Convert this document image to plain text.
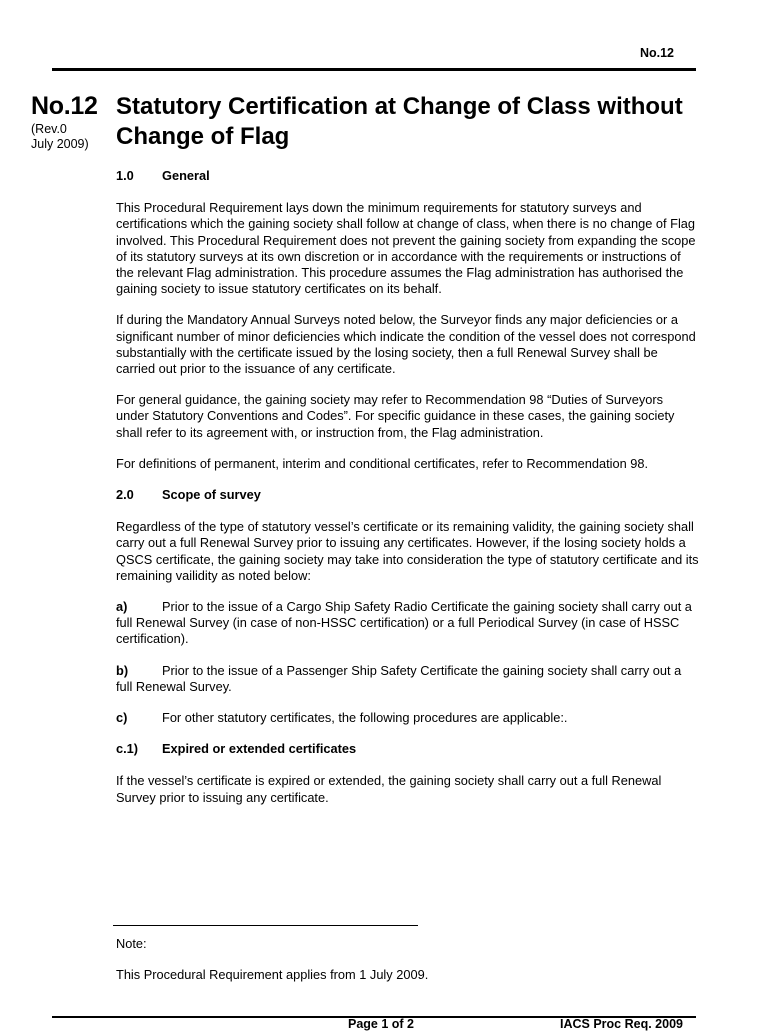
No.12
No.12
(Rev.0
July 2009)
Statutory Certification at Change of Class without Change of Flag
1.0 General

This Procedural Requirement lays down the minimum requirements for statutory surveys and certifications which the gaining society shall follow at change of class, when there is no change of Flag involved. This Procedural Requirement does not prevent the gaining society from expanding the scope of its statutory surveys at its own discretion or in accordance with the requirements or instructions of the relevant Flag administration. This procedure assumes the Flag administration has authorised the gaining society to issue statutory certificates on its behalf.

If during the Mandatory Annual Surveys noted below, the Surveyor finds any major deficiencies or a significant number of minor deficiencies which indicate the condition of the vessel does not correspond substantially with the certificate issued by the losing society, then a full Renewal Survey shall be carried out prior to the issuance of any certificate.

For general guidance, the gaining society may refer to Recommendation 98 “Duties of Surveyors under Statutory Conventions and Codes”. For specific guidance in these cases, the gaining society shall refer to its agreement with, or instruction from, the Flag administration.

For definitions of permanent, interim and conditional certificates, refer to Recommendation 98.

2.0 Scope of survey

Regardless of the type of statutory vessel’s certificate or its remaining validity, the gaining society shall carry out a full Renewal Survey prior to issuing any certificates. However, if the losing society holds a QSCS certificate, the gaining society may take into consideration the type of statutory certificate and its remaining vailidity as noted below:

a)	Prior to the issue of a Cargo Ship Safety Radio Certificate the gaining society shall carry out a full Renewal Survey (in case of non-HSSC certification) or a full Periodical Survey (in case of HSSC certification).

b)	Prior to the issue of a Passenger Ship Safety Certificate the gaining society shall carry out a full Renewal Survey.

c)	For other statutory certificates, the following procedures are applicable:.

c.1) Expired or extended certificates

If the vessel’s certificate is expired or extended, the gaining society shall carry out a full Renewal Survey prior to issuing any certificate.

Note:
This Procedural Requirement applies from 1 July 2009.
Page 1 of 2	IACS Proc Req. 2009
